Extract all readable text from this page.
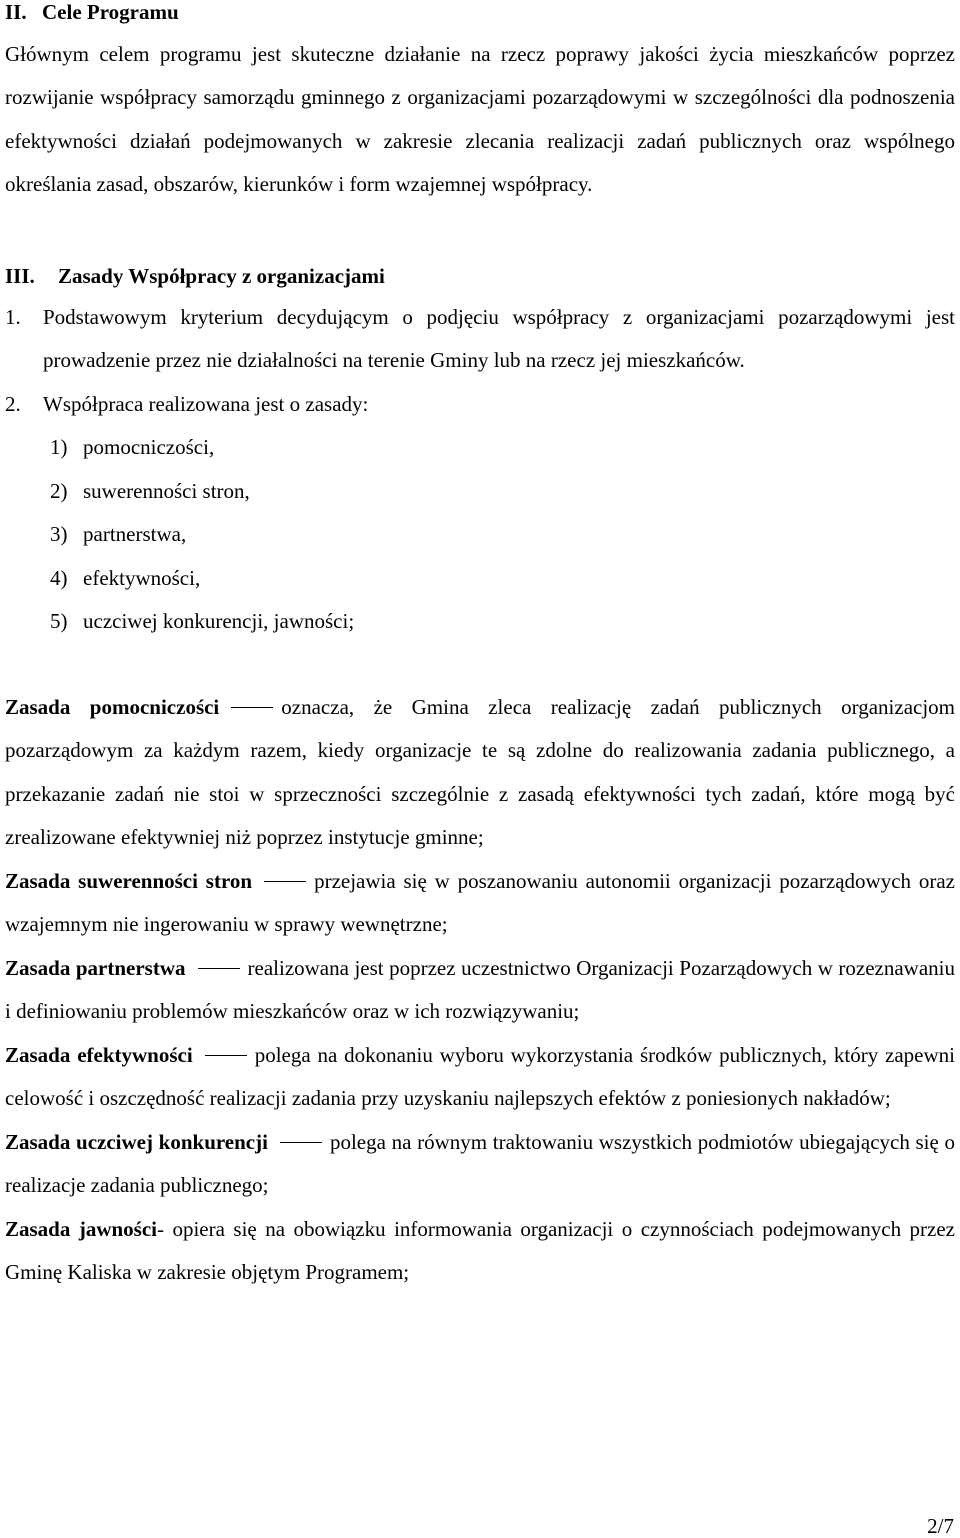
II. Cele Programu

Głównym celem programu jest skuteczne działanie na rzecz poprawy jakości życia mieszkańców poprzez rozwijanie współpracy samorządu gminnego z organizacjami pozarządowymi w szczególności dla podnoszenia efektywności działań podejmowanych w zakresie zlecania realizacji zadań publicznych oraz wspólnego określania zasad, obszarów, kierunków i form wzajemnej współpracy.

III.	Zasady Współpracy z organizacjami
1.	Podstawowym kryterium decydującym o podjęciu współpracy z organizacjami pozarządowymi jest prowadzenie przez nie działalności na terenie Gminy lub na rzecz jej mieszkańców.
2.	Współpraca realizowana jest o zasady:
1) pomocniczości,
2) suwerenności stron,
3) partnerstwa,
4) efektywności,
5) uczciwej konkurencji, jawności;

Zasada pomocniczości	oznacza, że Gmina zleca realizację zadań publicznych organizacjom pozarządowym za każdym razem, kiedy organizacje te są zdolne do realizowania zadania publicznego, a przekazanie zadań nie stoi w sprzeczności szczególnie z zasadą efektywności tych zadań, które mogą być zrealizowane efektywniej niż poprzez instytucje gminne;

Zasada suwerenności stron	przejawia się w poszanowaniu autonomii organizacji pozarządowych oraz wzajemnym nie ingerowaniu w sprawy wewnętrzne;

Zasada partnerstwa	realizowana jest poprzez uczestnictwo Organizacji Pozarządowych w rozeznawaniu i definiowaniu problemów mieszkańców oraz w ich rozwiązywaniu;

Zasada efektywności	polega na dokonaniu wyboru wykorzystania środków publicznych, który zapewni celowość i oszczędność realizacji zadania przy uzyskaniu najlepszych efektów z poniesionych nakładów;

Zasada uczciwej konkurencji	polega na równym traktowaniu wszystkich podmiotów ubiegających się o realizacje zadania publicznego;

Zasada jawności- opiera się na obowiązku informowania organizacji o czynnościach podejmowanych przez Gminę Kaliska w zakresie objętym Programem;

2/7
